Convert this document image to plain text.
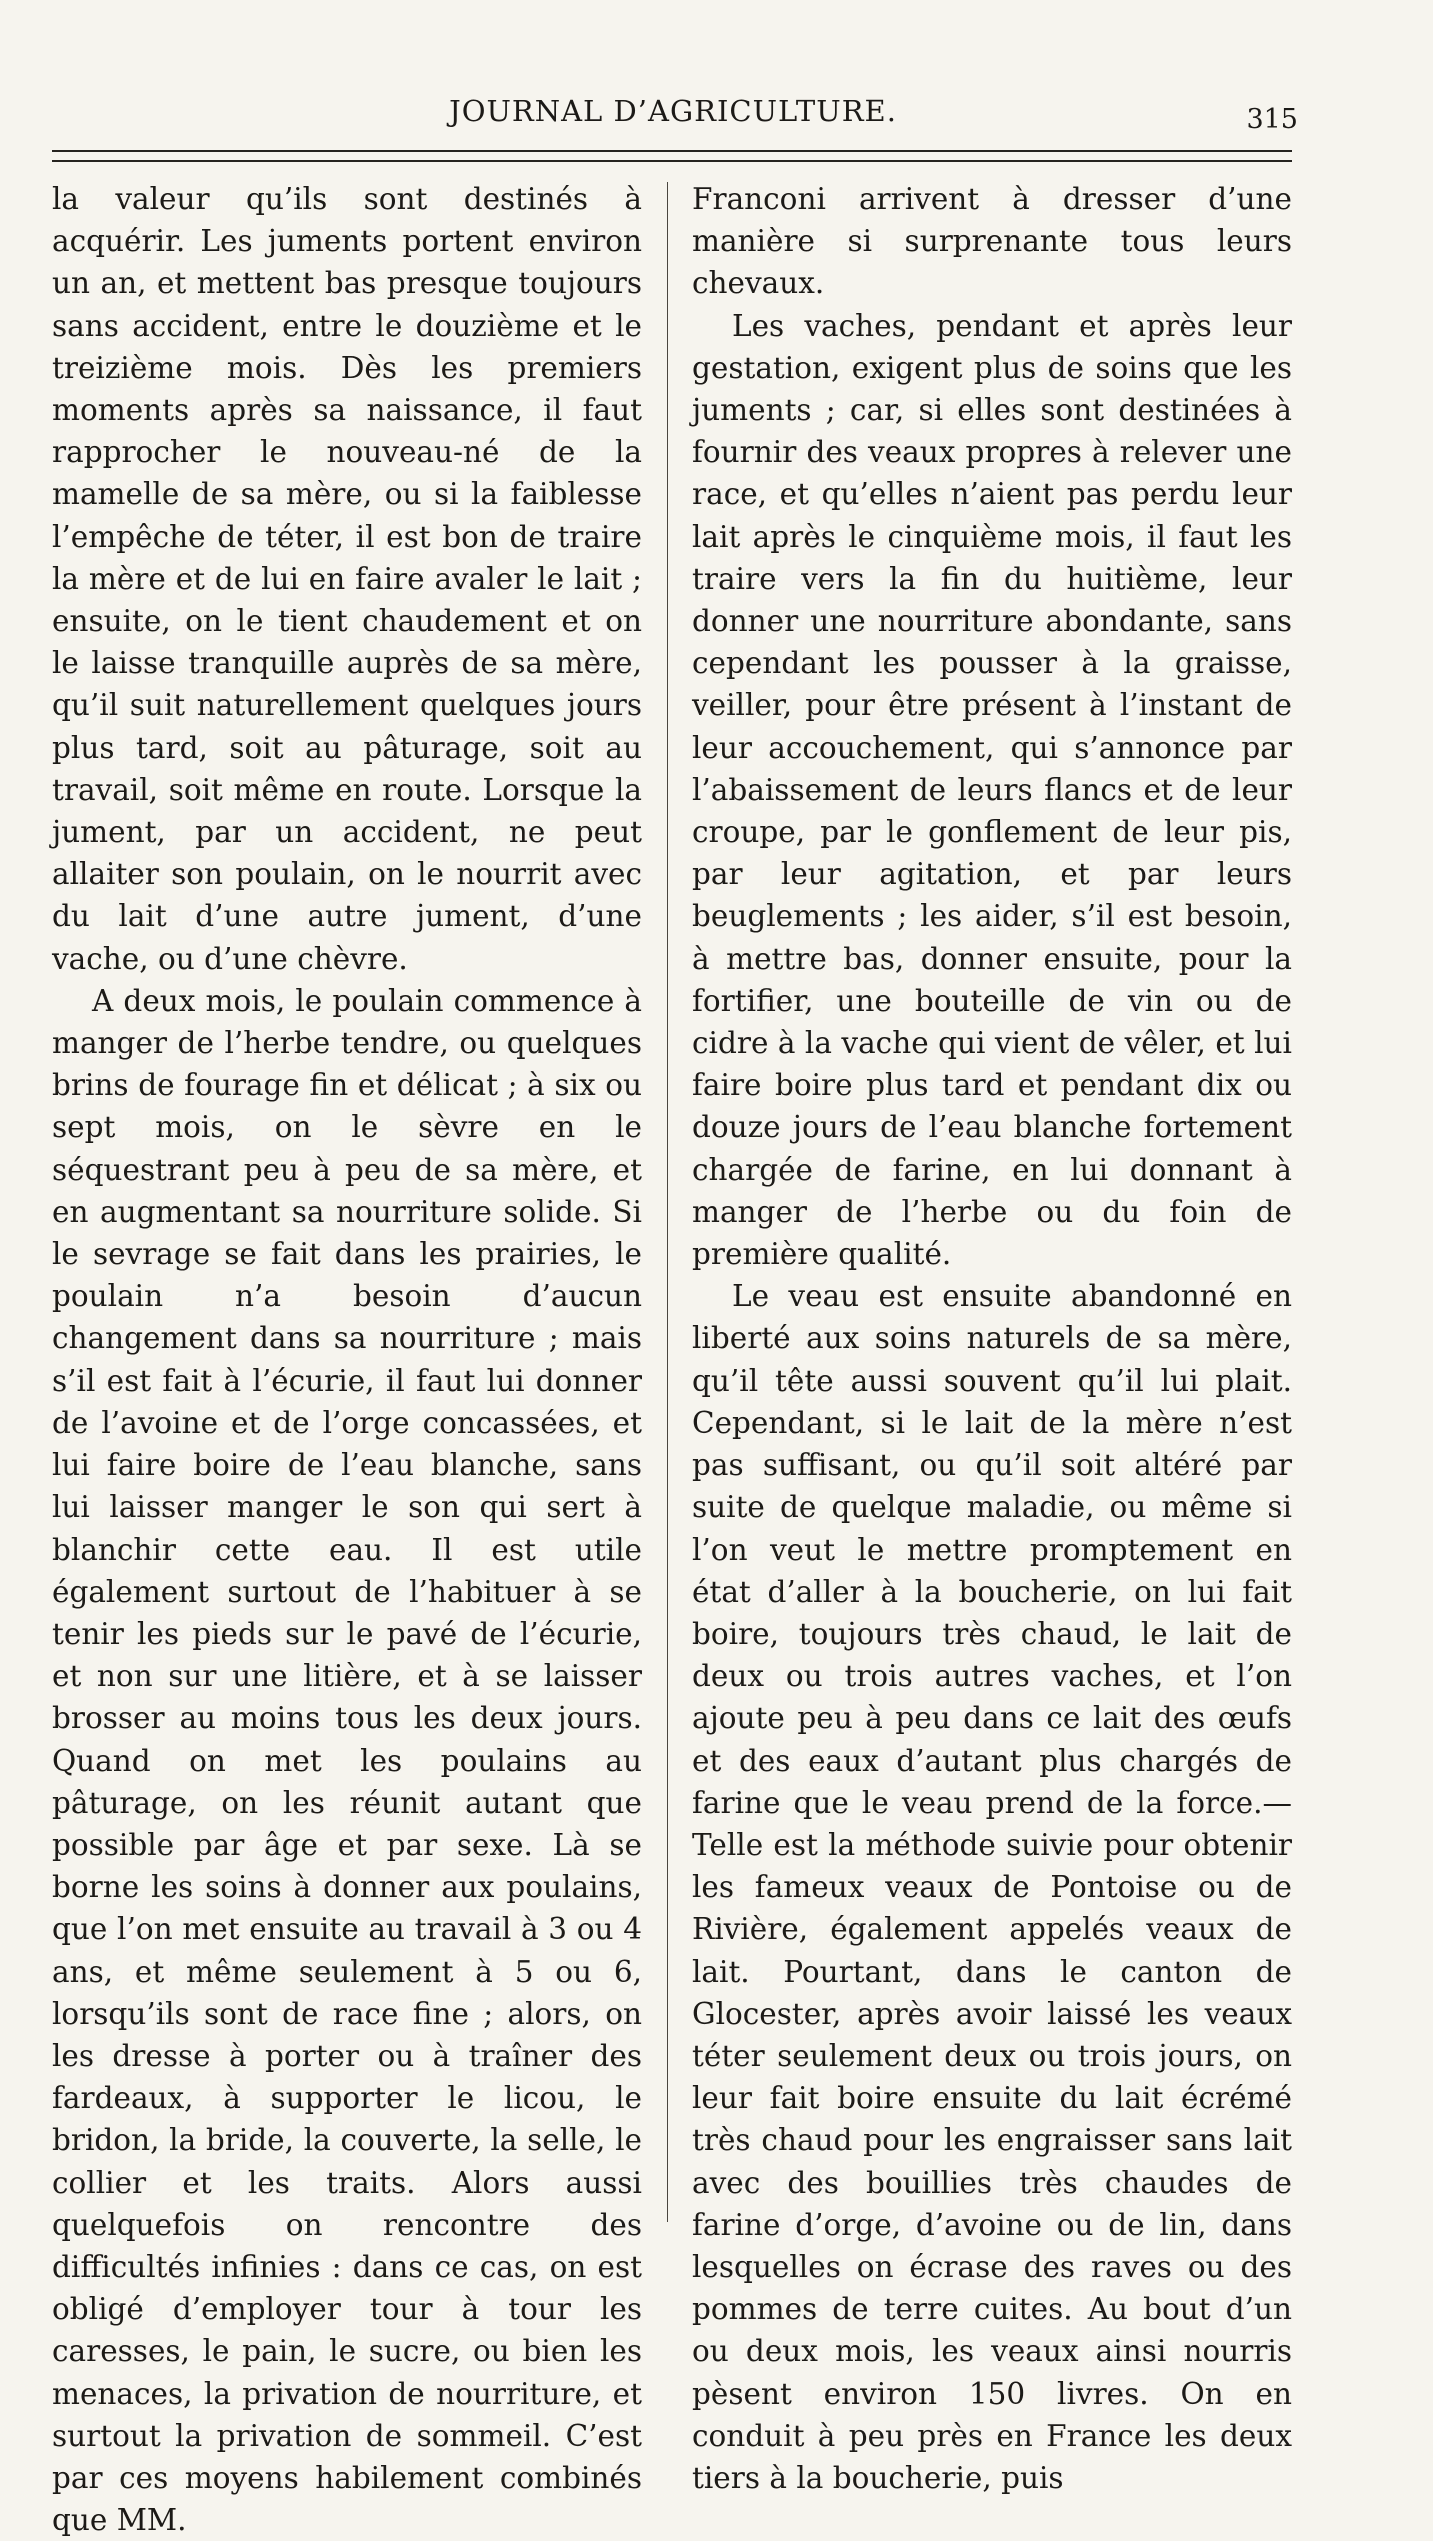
JOURNAL D’AGRICULTURE.	315

la valeur qu’ils sont destinés à acquérir. Les juments portent environ un an, et mettent bas presque toujours sans accident, entre le douzième et le treizième mois. Dès les premiers moments après sa naissance, il faut rapprocher le nouveau-né de la mamelle de sa mère, ou si la faiblesse l’empêche de téter, il est bon de traire la mère et de lui en faire avaler le lait ; ensuite, on le tient chaudement et on le laisse tranquille auprès de sa mère, qu’il suit naturellement quelques jours plus tard, soit au pâturage, soit au travail, soit même en route. Lorsque la jument, par un accident, ne peut allaiter son poulain, on le nourrit avec du lait d’une autre jument, d’une vache, ou d’une chèvre.

A deux mois, le poulain commence à manger de l’herbe tendre, ou quelques brins de fourage fin et délicat ; à six ou sept mois, on le sèvre en le séquestrant peu à peu de sa mère, et en augmentant sa nourriture solide. Si le sevrage se fait dans les prairies, le poulain n’a besoin d’aucun changement dans sa nourriture ; mais s’il est fait à l’écurie, il faut lui donner de l’avoine et de l’orge concassées, et lui faire boire de l’eau blanche, sans lui laisser manger le son qui sert à blanchir cette eau. Il est utile également surtout de l’habituer à se tenir les pieds sur le pavé de l’écurie, et non sur une litière, et à se laisser brosser au moins tous les deux jours. Quand on met les poulains au pâturage, on les réunit autant que possible par âge et par sexe. Là se borne les soins à donner aux poulains, que l’on met ensuite au travail à 3 ou 4 ans, et même seulement à 5 ou 6, lorsqu’ils sont de race fine ; alors, on les dresse à porter ou à traîner des fardeaux, à supporter le licou, le bridon, la bride, la couverte, la selle, le collier et les traits. Alors aussi quelquefois on rencontre des difficultés infinies : dans ce cas, on est obligé d’employer tour à tour les caresses, le pain, le sucre, ou bien les menaces, la privation de nourriture, et surtout la privation de sommeil. C’est par ces moyens habilement combinés que MM.

Franconi arrivent à dresser d’une manière si surprenante tous leurs chevaux.

Les vaches, pendant et après leur gestation, exigent plus de soins que les juments ; car, si elles sont destinées à fournir des veaux propres à relever une race, et qu’elles n’aient pas perdu leur lait après le cinquième mois, il faut les traire vers la fin du huitième, leur donner une nourriture abondante, sans cependant les pousser à la graisse, veiller, pour être présent à l’instant de leur accouchement, qui s’annonce par l’abaissement de leurs flancs et de leur croupe, par le gonflement de leur pis, par leur agitation, et par leurs beuglements ; les aider, s’il est besoin, à mettre bas, donner ensuite, pour la fortifier, une bouteille de vin ou de cidre à la vache qui vient de vêler, et lui faire boire plus tard et pendant dix ou douze jours de l’eau blanche fortement chargée de farine, en lui donnant à manger de l’herbe ou du foin de première qualité.

Le veau est ensuite abandonné en liberté aux soins naturels de sa mère, qu’il tête aussi souvent qu’il lui plait. Cependant, si le lait de la mère n’est pas suffisant, ou qu’il soit altéré par suite de quelque maladie, ou même si l’on veut le mettre promptement en état d’aller à la boucherie, on lui fait boire, toujours très chaud, le lait de deux ou trois autres vaches, et l’on ajoute peu à peu dans ce lait des œufs et des eaux d’autant plus chargés de farine que le veau prend de la force.—Telle est la méthode suivie pour obtenir les fameux veaux de Pontoise ou de Rivière, également appelés veaux de lait. Pourtant, dans le canton de Glocester, après avoir laissé les veaux téter seulement deux ou trois jours, on leur fait boire ensuite du lait écrémé très chaud pour les engraisser sans lait avec des bouillies très chaudes de farine d’orge, d’avoine ou de lin, dans lesquelles on écrase des raves ou des pommes de terre cuites. Au bout d’un ou deux mois, les veaux ainsi nourris pèsent environ 150 livres. On en conduit à peu près en France les deux tiers à la boucherie, puis
